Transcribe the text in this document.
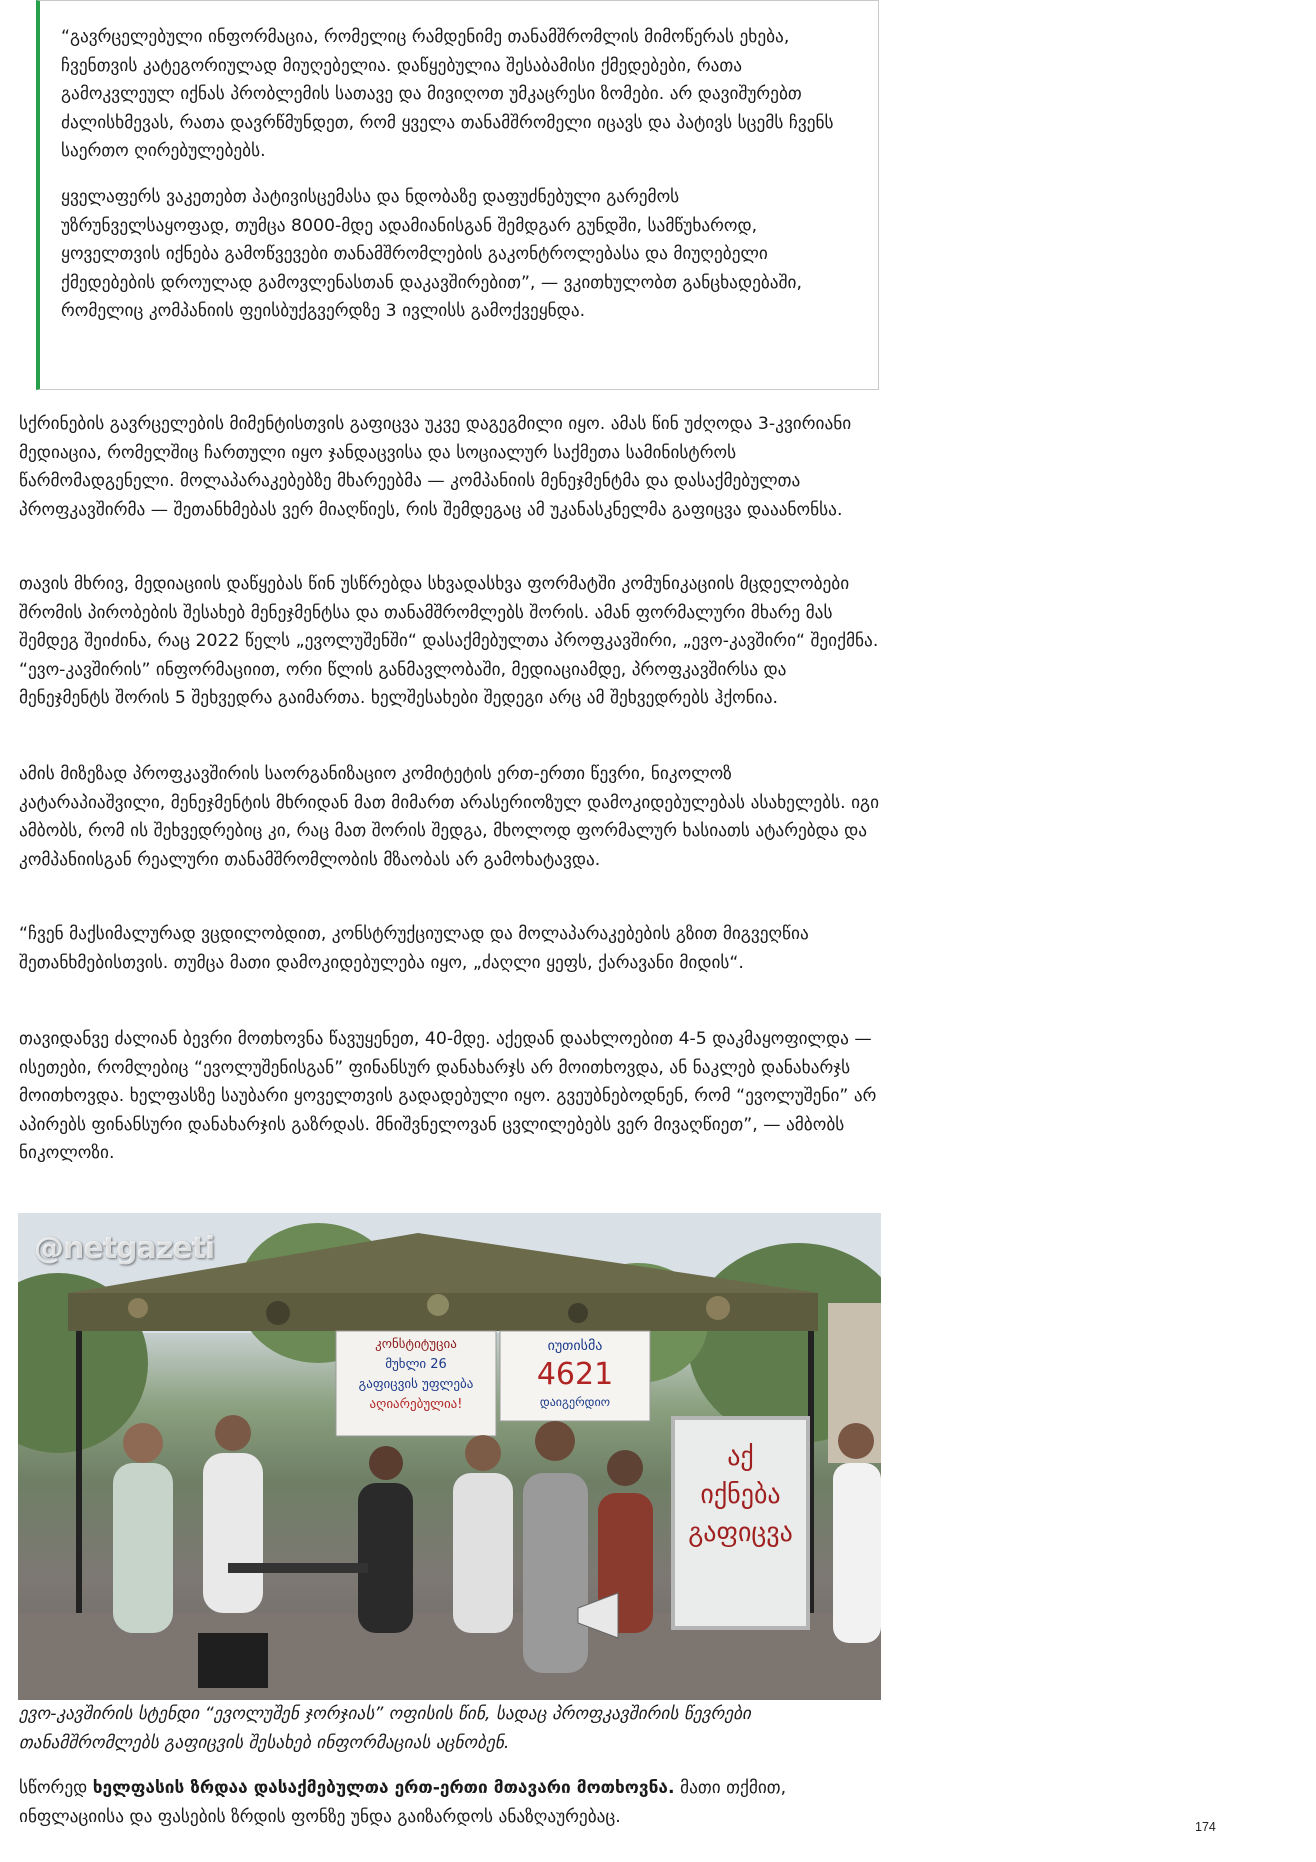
“გავრცელებული ინფორმაცია, რომელიც რამდენიმე თანამშრომლის მიმოწერას ეხება, ჩვენთვის კატეგორიულად მიუღებელია. დაწყებულია შესაბამისი ქმედებები, რათა გამოკვლეულ იქნას პრობლემის სათავე და მივიღოთ უმკაცრესი ზომები. არ დავიშურებთ ძალისხმევას, რათა დავრწმუნდეთ, რომ ყველა თანამშრომელი იცავს და პატივს სცემს ჩვენს საერთო ღირებულებებს.

ყველაფერს ვაკეთებთ პატივისცემასა და ნდობაზე დაფუძნებული გარემოს უზრუნველსაყოფად, თუმცა 8000-მდე ადამიანისგან შემდგარ გუნდში, სამწუხაროდ, ყოველთვის იქნება გამოწვევები თანამშრომლების გაკონტროლებასა და მიუღებელი ქმედებების დროულად გამოვლენასთან დაკავშირებით”, — ვკითხულობთ განცხადებაში, რომელიც კომპანიის ფეისბუქგვერდზე 3 ივლისს გამოქვეყნდა.

სქრინების გავრცელების მიმენტისთვის გაფიცვა უკვე დაგეგმილი იყო. ამას წინ უძღოდა 3-კვირიანი მედიაცია, რომელშიც ჩართული იყო ჯანდაცვისა და სოციალურ საქმეთა სამინისტროს წარმომადგენელი. მოლაპარაკებებზე მხარეებმა — კომპანიის მენეჯმენტმა და დასაქმებულთა პროფკავშირმა — შეთანხმებას ვერ მიაღწიეს, რის შემდეგაც ამ უკანასკნელმა გაფიცვა დააანონსა.

თავის მხრივ, მედიაციის დაწყებას წინ უსწრებდა სხვადასხვა ფორმატში კომუნიკაციის მცდელობები შრომის პირობების შესახებ მენეჯმენტსა და თანამშრომლებს შორის. ამან ფორმალური მხარე მას შემდეგ შეიძინა, რაც 2022 წელს „ევოლუშენში“ დასაქმებულთა პროფკავშირი, „ევო-კავშირი“ შეიქმნა. “ევო-კავშირის” ინფორმაციით, ორი წლის განმავლობაში, მედიაციამდე, პროფკავშირსა და მენეჯმენტს შორის 5 შეხვედრა გაიმართა. ხელშესახები შედეგი არც ამ შეხვედრებს ჰქონია.

ამის მიზეზად პროფკავშირის საორგანიზაციო კომიტეტის ერთ-ერთი წევრი, ნიკოლოზ კატარაპიაშვილი, მენეჯმენტის მხრიდან მათ მიმართ არასერიოზულ დამოკიდებულებას ასახელებს. იგი ამბობს, რომ ის შეხვედრებიც კი, რაც მათ შორის შედგა, მხოლოდ ფორმალურ ხასიათს ატარებდა და კომპანიისგან რეალური თანამშრომლობის მზაობას არ გამოხატავდა.

“ჩვენ მაქსიმალურად ვცდილობდით, კონსტრუქციულად და მოლაპარაკებების გზით მიგვეღწია შეთანხმებისთვის. თუმცა მათი დამოკიდებულება იყო, „ძაღლი ყეფს, ქარავანი მიდის“.

თავიდანვე ძალიან ბევრი მოთხოვნა წავუყენეთ, 40-მდე. აქედან დაახლოებით 4-5 დაკმაყოფილდა — ისეთები, რომლებიც “ევოლუშენისგან” ფინანსურ დანახარჯს არ მოითხოვდა, ან ნაკლებ დანახარჯს მოითხოვდა. ხელფასზე საუბარი ყოველთვის გადადებული იყო. გვეუბნებოდნენ, რომ “ევოლუშენი” არ აპირებს ფინანსური დანახარჯის გაზრდას. მნიშვნელოვან ცვლილებებს ვერ მივაღწიეთ”, — ამბობს ნიკოლოზი.

@netgazeti
კონსტიტუცია
მუხლი 26
გაფიცვის უფლება
აღიარებულია!
იუთისმა
4621
დაიგერდიო
აქ
იქნება
გაფიცვა
ევო-კავშირის სტენდი “ევოლუშენ ჯორჯიას” ოფისის წინ, სადაც პროფკავშირის წევრები თანამშრომლებს გაფიცვის შესახებ ინფორმაციას აცნობენ.

სწორედ ხელფასის ზრდაა დასაქმებულთა ერთ-ერთი მთავარი მოთხოვნა. მათი თქმით, ინფლაციისა და ფასების ზრდის ფონზე უნდა გაიზარდოს ანაზღაურებაც.

174
